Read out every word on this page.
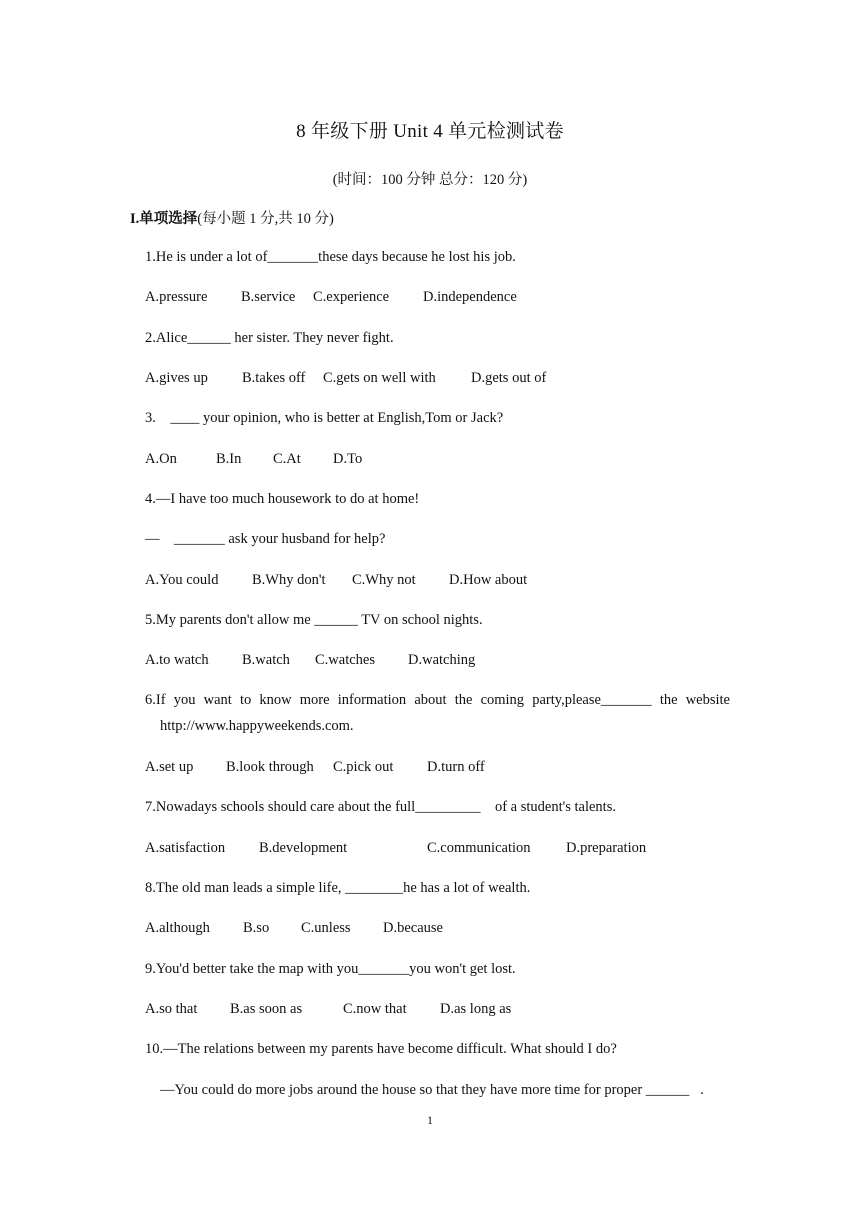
8 年级下册 Unit 4 单元检测试卷
(时间：100 分钟 总分：120 分)
I.单项选择(每小题 1 分,共 10 分)
1.He is under a lot of_______these days because he lost his job.
A.pressure B.service C.experience D.independence
2.Alice______ her sister. They never fight.
A.gives up B.takes off C.gets on well with D.gets out of
3.    ____ your opinion, who is better at English,Tom or Jack?
A.On	B.In C.At D.To
4.—I have too much housework to do at home!
—    _______ ask your husband for help?
A.You could B.Why don't C.Why not D.How about
5.My parents don't allow me ______ TV on school nights.
A.to watch B.watch C.watches D.watching
6.If you want to know more information about the coming party,please_______ the website
http://www.happyweekends.com.
A.set up B.look through C.pick out D.turn off
7.Nowadays schools should care about the full_________    of a student's talents.
A.satisfaction B.development	C.communication D.preparation
8.The old man leads a simple life, ________he has a lot of wealth.
A.although B.so C.unless D.because
9.You'd better take the map with you_______you won't get lost.
A.so that B.as soon as	C.now that D.as long as
10.—The relations between my parents have become difficult. What should I do?
—You could do more jobs around the house so that they have more time for proper ______   .
1
